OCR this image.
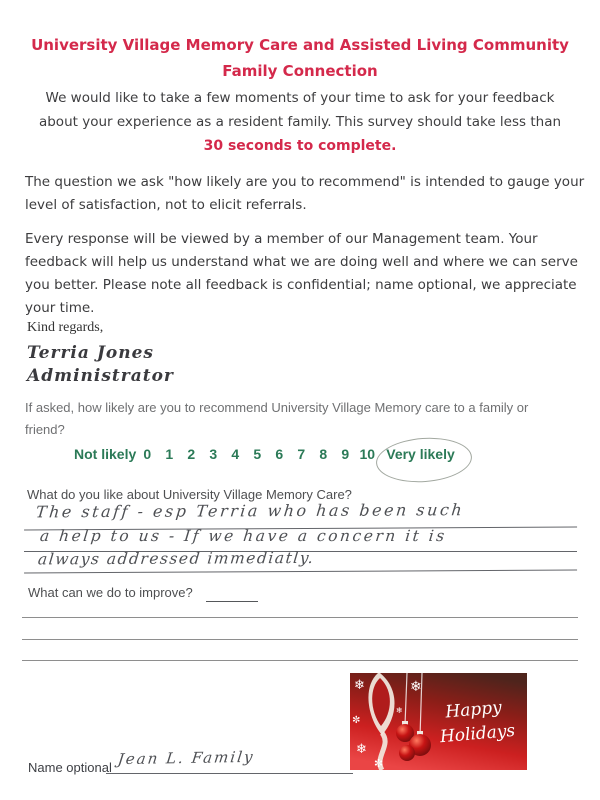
University Village Memory Care and Assisted Living Community
Family Connection
We would like to take a few moments of your time to ask for your feedback
about your experience as a resident family. This survey should take less than
30 seconds to complete.
The question we ask "how likely are you to recommend" is intended to gauge your
level of satisfaction, not to elicit referrals.
Every response will be viewed by a member of our Management team. Your
feedback will help us understand what we are doing well and where we can serve
you better. Please note all feedback is confidential; name optional, we appreciate
your time.
Kind regards,
Terria Jones
Administrator
If asked, how likely are you to recommend University Village Memory care to a family or
friend?
Not likely 0	1	2	3	4	5	6	7	8	9 10 Very likely
What do you like about University Village Memory Care?
The staff - esp Terria who has been such
a help to us - If we have a concern it is
always addressed immediatly.
What can we do to improve?
❄	❄
✼
❄
✼
❄ Happy
Holidays
Name optional Jean L. Family
